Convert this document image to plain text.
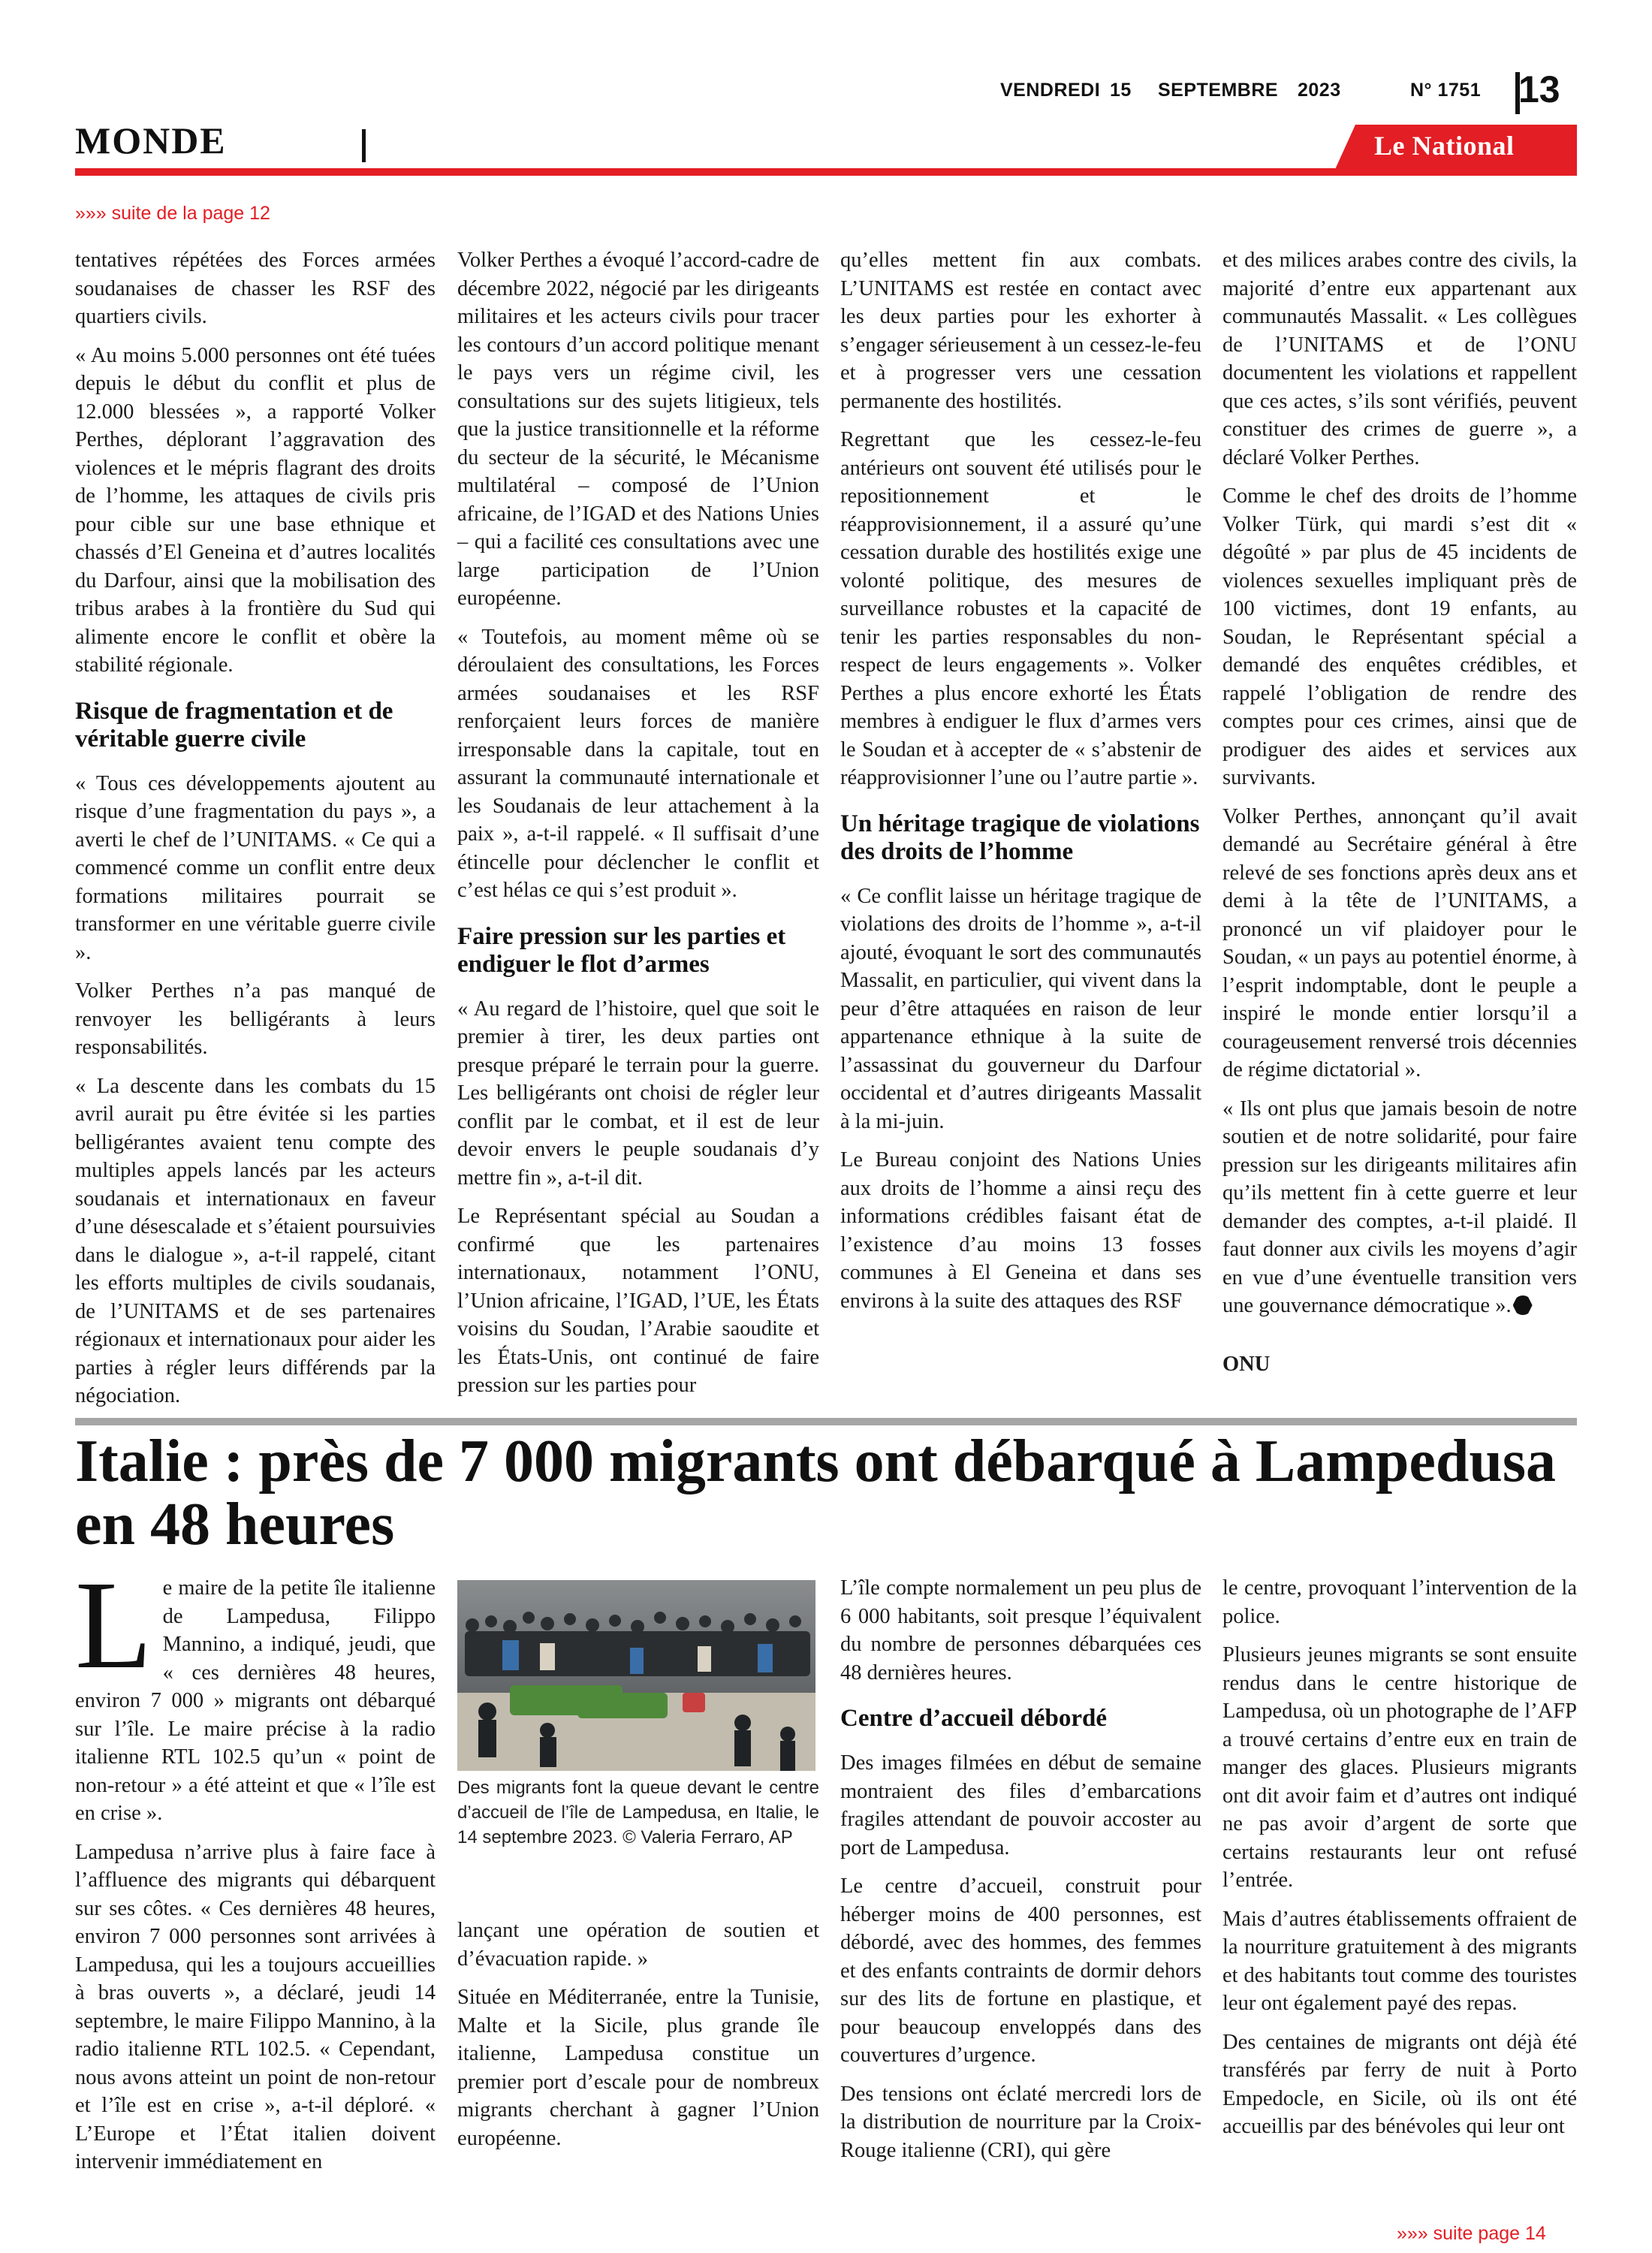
VENDREDI 15 SEPTEMBRE 2023	N° 1751 13
MONDE	Le National
»»» suite de la page 12

tentatives répétées des Forces armées soudanaises de chasser les RSF des quartiers civils.

« Au moins 5.000 personnes ont été tuées depuis le début du conflit et plus de 12.000 blessées », a rapporté Volker Perthes, déplorant l’aggravation des violences et le mépris flagrant des droits de l’homme, les attaques de civils pris pour cible sur une base ethnique et chassés d’El Geneina et d’autres localités du Darfour, ainsi que la mobilisation des tribus arabes à la frontière du Sud qui alimente encore le conflit et obère la stabilité régionale.

Risque de fragmentation et de véritable guerre civile

« Tous ces développements ajoutent au risque d’une fragmentation du pays », a averti le chef de l’UNITAMS. « Ce qui a commencé comme un conflit entre deux formations militaires pourrait se transformer en une véritable guerre civile ».

Volker Perthes n’a pas manqué de renvoyer les belligérants à leurs responsabilités.

« La descente dans les combats du 15 avril aurait pu être évitée si les parties belligérantes avaient tenu compte des multiples appels lancés par les acteurs soudanais et internationaux en faveur d’une désescalade et s’étaient poursuivies dans le dialogue », a-t-il rappelé, citant les efforts multiples de civils soudanais, de l’UNITAMS et de ses partenaires régionaux et internationaux pour aider les parties à régler leurs différends par la négociation.

Volker Perthes a évoqué l’accord-cadre de décembre 2022, négocié par les dirigeants militaires et les acteurs civils pour tracer les contours d’un accord politique menant le pays vers un régime civil, les consultations sur des sujets litigieux, tels que la justice transitionnelle et la réforme du secteur de la sécurité, le Mécanisme multilatéral – composé de l’Union africaine, de l’IGAD et des Nations Unies – qui a facilité ces consultations avec une large participation de l’Union européenne.

« Toutefois, au moment même où se déroulaient des consultations, les Forces armées soudanaises et les RSF renforçaient leurs forces de manière irresponsable dans la capitale, tout en assurant la communauté internationale et les Soudanais de leur attachement à la paix », a-t-il rappelé. « Il suffisait d’une étincelle pour déclencher le conflit et c’est hélas ce qui s’est produit ».

Faire pression sur les parties et endiguer le flot d’armes

« Au regard de l’histoire, quel que soit le premier à tirer, les deux parties ont presque préparé le terrain pour la guerre. Les belligérants ont choisi de régler leur conflit par le combat, et il est de leur devoir envers le peuple soudanais d’y mettre fin », a-t-il dit.

Le Représentant spécial au Soudan a confirmé que les partenaires internationaux, notamment l’ONU, l’Union africaine, l’IGAD, l’UE, les États voisins du Soudan, l’Arabie saoudite et les États-Unis, ont continué de faire pression sur les parties pour

qu’elles mettent fin aux combats. L’UNITAMS est restée en contact avec les deux parties pour les exhorter à s’engager sérieusement à un cessez-le-feu et à progresser vers une cessation permanente des hostilités.

Regrettant que les cessez-le-feu antérieurs ont souvent été utilisés pour le repositionnement et le réapprovisionnement, il a assuré qu’une cessation durable des hostilités exige une volonté politique, des mesures de surveillance robustes et la capacité de tenir les parties responsables du non-respect de leurs engagements ». Volker Perthes a plus encore exhorté les États membres à endiguer le flux d’armes vers le Soudan et à accepter de « s’abstenir de réapprovisionner l’une ou l’autre partie ».

Un héritage tragique de violations des droits de l’homme

« Ce conflit laisse un héritage tragique de violations des droits de l’homme », a-t-il ajouté, évoquant le sort des communautés Massalit, en particulier, qui vivent dans la peur d’être attaquées en raison de leur appartenance ethnique à la suite de l’assassinat du gouverneur du Darfour occidental et d’autres dirigeants Massalit à la mi-juin.

Le Bureau conjoint des Nations Unies aux droits de l’homme a ainsi reçu des informations crédibles faisant état de l’existence d’au moins 13 fosses communes à El Geneina et dans ses environs à la suite des attaques des RSF

et des milices arabes contre des civils, la majorité d’entre eux appartenant aux communautés Massalit. « Les collègues de l’UNITAMS et de l’ONU documentent les violations et rappellent que ces actes, s’ils sont vérifiés, peuvent constituer des crimes de guerre », a déclaré Volker Perthes.

Comme le chef des droits de l’homme Volker Türk, qui mardi s’est dit « dégoûté » par plus de 45 incidents de violences sexuelles impliquant près de 100 victimes, dont 19 enfants, au Soudan, le Représentant spécial a demandé des enquêtes crédibles, et rappelé l’obligation de rendre des comptes pour ces crimes, ainsi que de prodiguer des aides et services aux survivants.

Volker Perthes, annonçant qu’il avait demandé au Secrétaire général à être relevé de ses fonctions après deux ans et demi à la tête de l’UNITAMS, a prononcé un vif plaidoyer pour le Soudan, « un pays au potentiel énorme, à l’esprit indomptable, dont le peuple a inspiré le monde entier lorsqu’il a courageusement renversé trois décennies de régime dictatorial ».

« Ils ont plus que jamais besoin de notre soutien et de notre solidarité, pour faire pression sur les dirigeants militaires afin qu’ils mettent fin à cette guerre et leur demander des comptes, a-t-il plaidé. Il faut donner aux civils les moyens d’agir en vue d’une éventuelle transition vers une gouvernance démocratique ».

ONU

Italie : près de 7 000 migrants ont débarqué à Lampedusa en 48 heures

Le maire de la petite île italienne de Lampedusa, Filippo Mannino, a indiqué, jeudi, que « ces dernières 48 heures, environ 7 000 » migrants ont débarqué sur l’île. Le maire précise à la radio italienne RTL 102.5 qu’un « point de non-retour » a été atteint et que « l’île est en crise ».

Lampedusa n’arrive plus à faire face à l’affluence des migrants qui débarquent sur ses côtes. « Ces dernières 48 heures, environ 7 000 personnes sont arrivées à Lampedusa, qui les a toujours accueillies à bras ouverts », a déclaré, jeudi 14 septembre, le maire Filippo Mannino, à la radio italienne RTL 102.5. « Cependant, nous avons atteint un point de non-retour et l’île est en crise », a-t-il déploré. « L’Europe et l’État italien doivent intervenir immédiatement en

Des migrants font la queue devant le centre d’accueil de l’île de Lampedusa, en Italie, le 14 septembre 2023. © Valeria Ferraro, AP

lançant une opération de soutien et d’évacuation rapide. »

Située en Méditerranée, entre la Tunisie, Malte et la Sicile, plus grande île italienne, Lampedusa constitue un premier port d’escale pour de nombreux migrants cherchant à gagner l’Union européenne.

L’île compte normalement un peu plus de 6 000 habitants, soit presque l’équivalent du nombre de personnes débarquées ces 48 dernières heures.

Centre d’accueil débordé

Des images filmées en début de semaine montraient des files d’embarcations fragiles attendant de pouvoir accoster au port de Lampedusa.

Le centre d’accueil, construit pour héberger moins de 400 personnes, est débordé, avec des hommes, des femmes et des enfants contraints de dormir dehors sur des lits de fortune en plastique, et pour beaucoup enveloppés dans des couvertures d’urgence.

Des tensions ont éclaté mercredi lors de la distribution de nourriture par la Croix-Rouge italienne (CRI), qui gère

le centre, provoquant l’intervention de la police.

Plusieurs jeunes migrants se sont ensuite rendus dans le centre historique de Lampedusa, où un photographe de l’AFP a trouvé certains d’entre eux en train de manger des glaces. Plusieurs migrants ont dit avoir faim et d’autres ont indiqué ne pas avoir d’argent de sorte que certains restaurants leur ont refusé l’entrée.

Mais d’autres établissements offraient de la nourriture gratuitement à des migrants et des habitants tout comme des touristes leur ont également payé des repas.

Des centaines de migrants ont déjà été transférés par ferry de nuit à Porto Empedocle, en Sicile, où ils ont été accueillis par des bénévoles qui leur ont

»»» suite page 14
